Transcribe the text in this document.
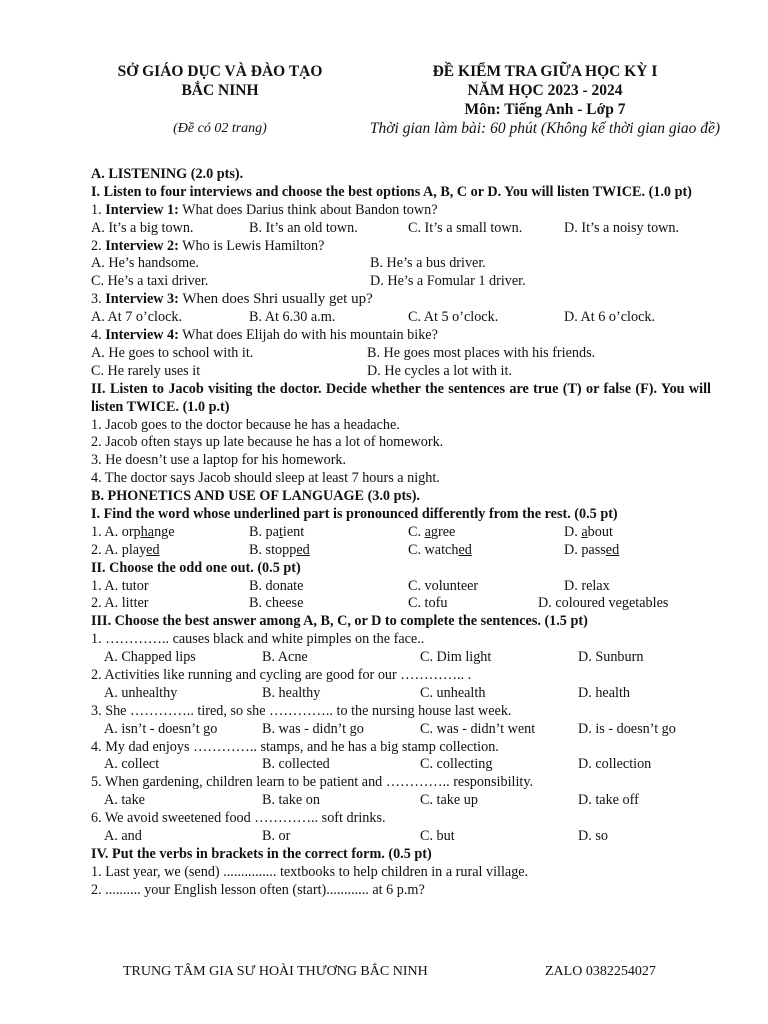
SỞ GIÁO DỤC VÀ ĐÀO TẠO
BẮC NINH
(Đề có 02 trang)
ĐỀ KIỂM TRA GIỮA HỌC KỲ I
NĂM HỌC 2023 - 2024
Môn: Tiếng Anh - Lớp 7
Thời gian làm bài: 60 phút (Không kể thời gian giao đề)
A. LISTENING (2.0 pts).
I. Listen to four interviews and choose the best options A, B, C or D. You will listen TWICE. (1.0 pt)
1. Interview 1: What does Darius think about Bandon town?
A. It’s a big town.	B. It’s an old town.	C. It’s a small town.	D. It’s a noisy town.
2. Interview 2: Who is Lewis Hamilton?
A. He’s handsome.	B. He’s a bus driver.
C. He’s a taxi driver.	D. He’s a Fomular 1 driver.
3. Interview 3: When does Shri usually get up?
A. At 7 o’clock.	B. At 6.30 a.m.	C. At 5 o’clock.	D. At 6 o’clock.
4. Interview 4: What does Elijah do with his mountain bike?
A. He goes to school with it.	B. He goes most places with his friends.
C. He rarely uses it	D. He cycles a lot with it.
II. Listen to Jacob visiting the doctor. Decide whether the sentences are true (T) or false (F). You will listen TWICE. (1.0 p.t)
1. Jacob goes to the doctor because he has a headache.
2. Jacob often stays up late because he has a lot of homework.
3. He doesn’t use a laptop for his homework.
4. The doctor says Jacob should sleep at least 7 hours a night.
B. PHONETICS AND USE OF LANGUAGE (3.0 pts).
I. Find the word whose underlined part is pronounced differently from the rest. (0.5 pt)
1. A. orphange	B. patient	C. agree	D. about
2. A. played	B. stopped	C. watched	D. passed
II. Choose the odd one out. (0.5 pt)
1. A. tutor	B. donate	C. volunteer	D. relax
2. A. litter	B. cheese	C. tofu	D. coloured vegetables
III. Choose the best answer among A, B, C, or D to complete the sentences. (1.5 pt)
1. ………….. causes black and white pimples on the face..
A. Chapped lips	B. Acne	C. Dim light	D. Sunburn
2. Activities like running and cycling are good for our ………….. .
A. unhealthy	B. healthy	C. unhealth	D. health
3. She ………….. tired, so she ………….. to the nursing house last week.
A. isn’t - doesn’t go	B. was - didn’t go	C. was - didn’t went	D. is - doesn’t go
4. My dad enjoys ………….. stamps, and he has a big stamp collection.
A. collect	B. collected	C. collecting	D. collection
5. When gardening, children learn to be patient and ………….. responsibility.
A. take	B. take on	C. take up	D. take off
6. We avoid sweetened food ………….. soft drinks.
A. and	B. or	C. but	D. so
IV. Put the verbs in brackets in the correct form. (0.5 pt)
1. Last year, we (send) ............... textbooks to help children in a rural village.
2. .......... your English lesson often (start)............ at 6 p.m?
TRUNG TÂM GIA SƯ HOÀI THƯƠNG BẮC NINH	ZALO 0382254027
